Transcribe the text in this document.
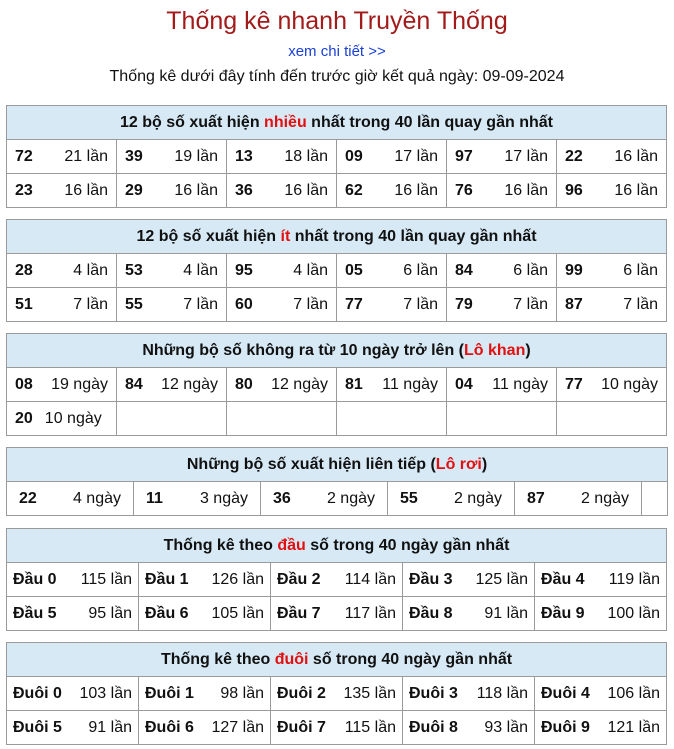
Thống kê nhanh Truyền Thống
xem chi tiết >>
Thống kê dưới đây tính đến trước giờ kết quả ngày: 09-09-2024
12 bộ số xuất hiện nhiều nhất trong 40 lần quay gần nhất					
72 21 lần	39 19 lần	13 18 lần	09 17 lần	97 17 lần	22 16 lần

23 16 lần	29 16 lần	36 16 lần	62 16 lần	76 16 lần	96 16 lần
12 bộ số xuất hiện ít nhất trong 40 lần quay gần nhất					
28 4 lần	53 4 lần	95 4 lần	05 6 lần	84 6 lần	99 6 lần

51 7 lần	55 7 lần	60 7 lần	77 7 lần	79 7 lần	87 7 lần
Những bộ số không ra từ 10 ngày trở lên (Lô khan)					
08 19 ngày	84 12 ngày	80 12 ngày	81 11 ngày	04 11 ngày	77 10 ngày

20 10 ngày					
Những bộ số xuất hiện liên tiếp (Lô rơi)
22 4 ngày	11 3 ngày	36 2 ngày	55 2 ngày	87 2 ngày

Thống kê theo đầu số trong 40 ngày gần nhất				
Đầu 0 115 lần	Đầu 1 126 lần	Đầu 2 114 lần	Đầu 3 125 lần	Đầu 4 119 lần

Đầu 5 95 lần	Đầu 6 105 lần	Đầu 7 117 lần	Đầu 8 91 lần	Đầu 9 100 lần
Thống kê theo đuôi số trong 40 ngày gần nhất				
Đuôi 0 103 lần	Đuôi 1 98 lần	Đuôi 2 135 lần	Đuôi 3 118 lần	Đuôi 4 106 lần

Đuôi 5 91 lần	Đuôi 6 127 lần	Đuôi 7 115 lần	Đuôi 8 93 lần	Đuôi 9 121 lần
